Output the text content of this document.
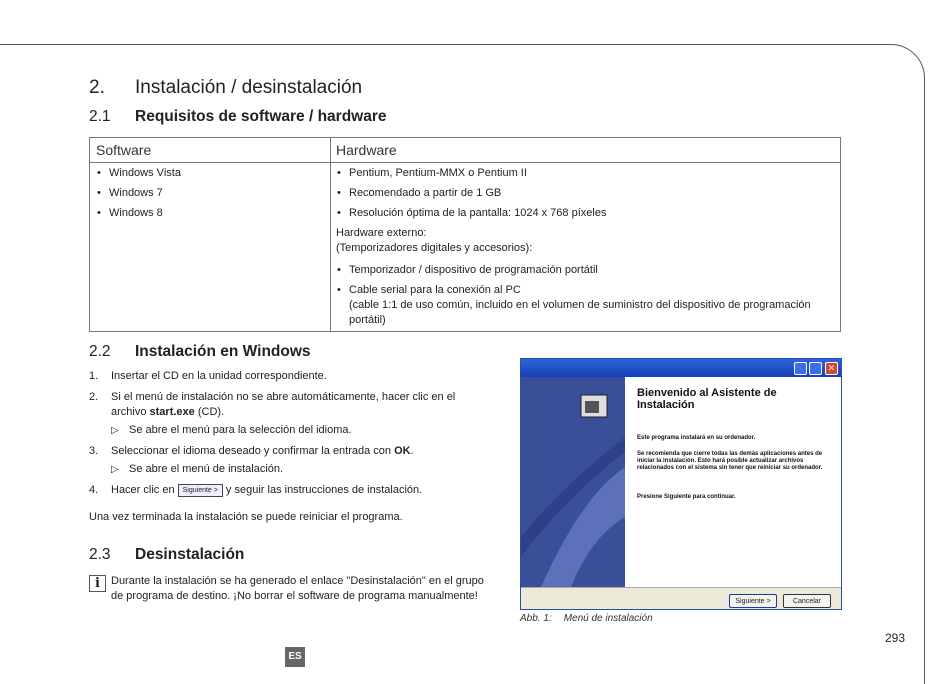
2. Instalación / desinstalación
2.1 Requisitos de software / hardware
Software
• Windows Vista
• Windows 7
• Windows 8
Hardware
• Pentium, Pentium-MMX o Pentium II
• Recomendado a partir de 1 GB
• Resolución óptima de la pantalla: 1024 x 768 píxeles

Hardware externo:
(Temporizadores digitales y accesorios):

• Temporizador / dispositivo de programación portátil
• Cable serial para la conexión al PC
(cable 1:1 de uso común, incluido en el volumen de suministro del dispositivo de programación portátil)
2.2 Instalación en Windows
1. Insertar el CD en la unidad correspondiente.
2. Si el menú de instalación no se abre automáticamente, hacer clic en el archivo start.exe (CD).
▷ Se abre el menú para la selección del idioma.
3. Seleccionar el idioma deseado y confirmar la entrada con OK.
▷ Se abre el menú de instalación.
4. Hacer clic en Siguiente > y seguir las instrucciones de instalación.
Una vez terminada la instalación se puede reiniciar el programa.
2.3 Desinstalación
i	Durante la instalación se ha generado el enlace "Desinstalación" en el grupo de programa de destino. ¡No borrar el software de programa manualmente!
✕
Bienvenido al Asistente de Instalación
Este programa instalará en su ordenador.
Se recomienda que cierre todas las demás aplicaciones antes de iniciar la instalación. Esto hará posible actualizar archivos relacionados con el sistema sin tener que reiniciar su ordenador.
Presione Siguiente para continuar.
Siguiente >	Cancelar
Abb. 1: Menú de instalación
293
ES
